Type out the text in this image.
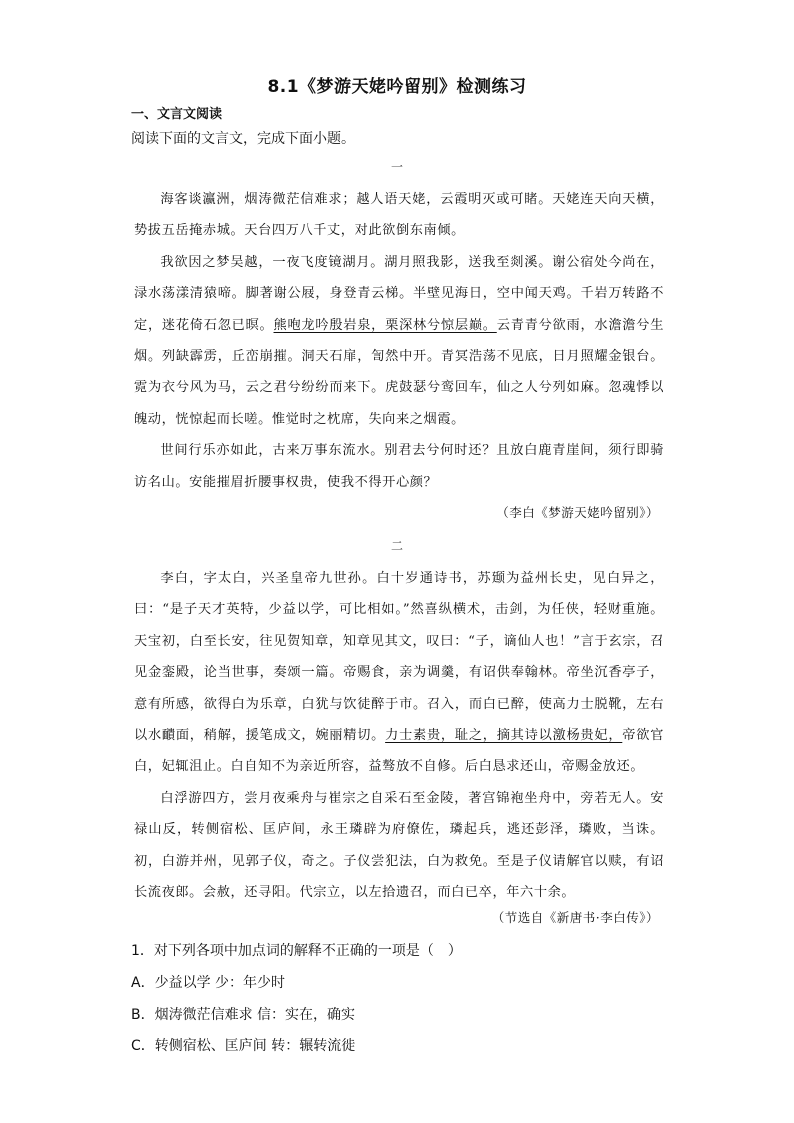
8.1《梦游天姥吟留别》检测练习
一、文言文阅读
阅读下面的文言文，完成下面小题。
一

海客谈瀛洲，烟涛微茫信难求；越人语天姥，云霞明灭或可睹。天姥连天向天横，势拔五岳掩赤城。天台四万八千丈，对此欲倒东南倾。

我欲因之梦吴越，一夜飞度镜湖月。湖月照我影，送我至剡溪。谢公宿处今尚在，渌水荡漾清猿啼。脚著谢公屐，身登青云梯。半壁见海日，空中闻天鸡。千岩万转路不定，迷花倚石忽已暝。熊咆龙吟殷岩泉，栗深林兮惊层巅。云青青兮欲雨，水澹澹兮生烟。列缺霹雳，丘峦崩摧。洞天石扉，訇然中开。青冥浩荡不见底，日月照耀金银台。霓为衣兮风为马，云之君兮纷纷而来下。虎鼓瑟兮鸾回车，仙之人兮列如麻。忽魂悸以魄动，恍惊起而长嗟。惟觉时之枕席，失向来之烟霞。

世间行乐亦如此，古来万事东流水。别君去兮何时还？且放白鹿青崖间，须行即骑访名山。安能摧眉折腰事权贵，使我不得开心颜？

（李白《梦游天姥吟留别》）
二

李白，字太白，兴圣皇帝九世孙。白十岁通诗书，苏颋为益州长史，见白异之，曰：“是子天才英特，少益以学，可比相如。”然喜纵横术，击剑，为任侠，轻财重施。天宝初，白至长安，往见贺知章，知章见其文，叹曰：“子，谪仙人也！”言于玄宗，召见金銮殿，论当世事，奏颂一篇。帝赐食，亲为调羹，有诏供奉翰林。帝坐沉香亭子，意有所感，欲得白为乐章，白犹与饮徒醉于市。召入，而白已醉，使高力士脱靴，左右以水靧面，稍解，援笔成文，婉丽精切。力士素贵，耻之，摘其诗以激杨贵妃，帝欲官白，妃辄沮止。白自知不为亲近所容，益骜放不自修。后白恳求还山，帝赐金放还。

白浮游四方，尝月夜乘舟与崔宗之自采石至金陵，著宫锦袍坐舟中，旁若无人。安禄山反，转侧宿松、匡庐间，永王璘辟为府僚佐，璘起兵，逃还彭泽，璘败，当诛。初，白游并州，见郭子仪，奇之。子仪尝犯法，白为救免。至是子仪请解官以赎，有诏长流夜郎。会赦，还寻阳。代宗立，以左拾遗召，而白已卒，年六十余。

（节选自《新唐书·李白传》）
1．对下列各项中加点词的解释不正确的一项是（　）
A．少益以学 少：年少时
B．烟涛微茫信难求 信：实在，确实
C．转侧宿松、匡庐间 转：辗转流徙
